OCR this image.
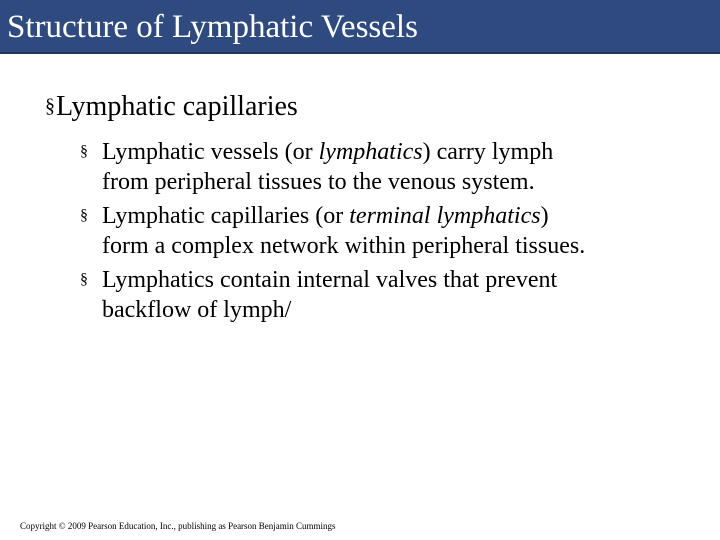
Structure of Lymphatic Vessels
§Lymphatic capillaries
§ Lymphatic vessels (or lymphatics) carry lymph
from peripheral tissues to the venous system.
§ Lymphatic capillaries (or terminal lymphatics)
form a complex network within peripheral tissues.
§ Lymphatics contain internal valves that prevent
backflow of lymph/
Copyright © 2009 Pearson Education, Inc., publishing as Pearson Benjamin Cummings
